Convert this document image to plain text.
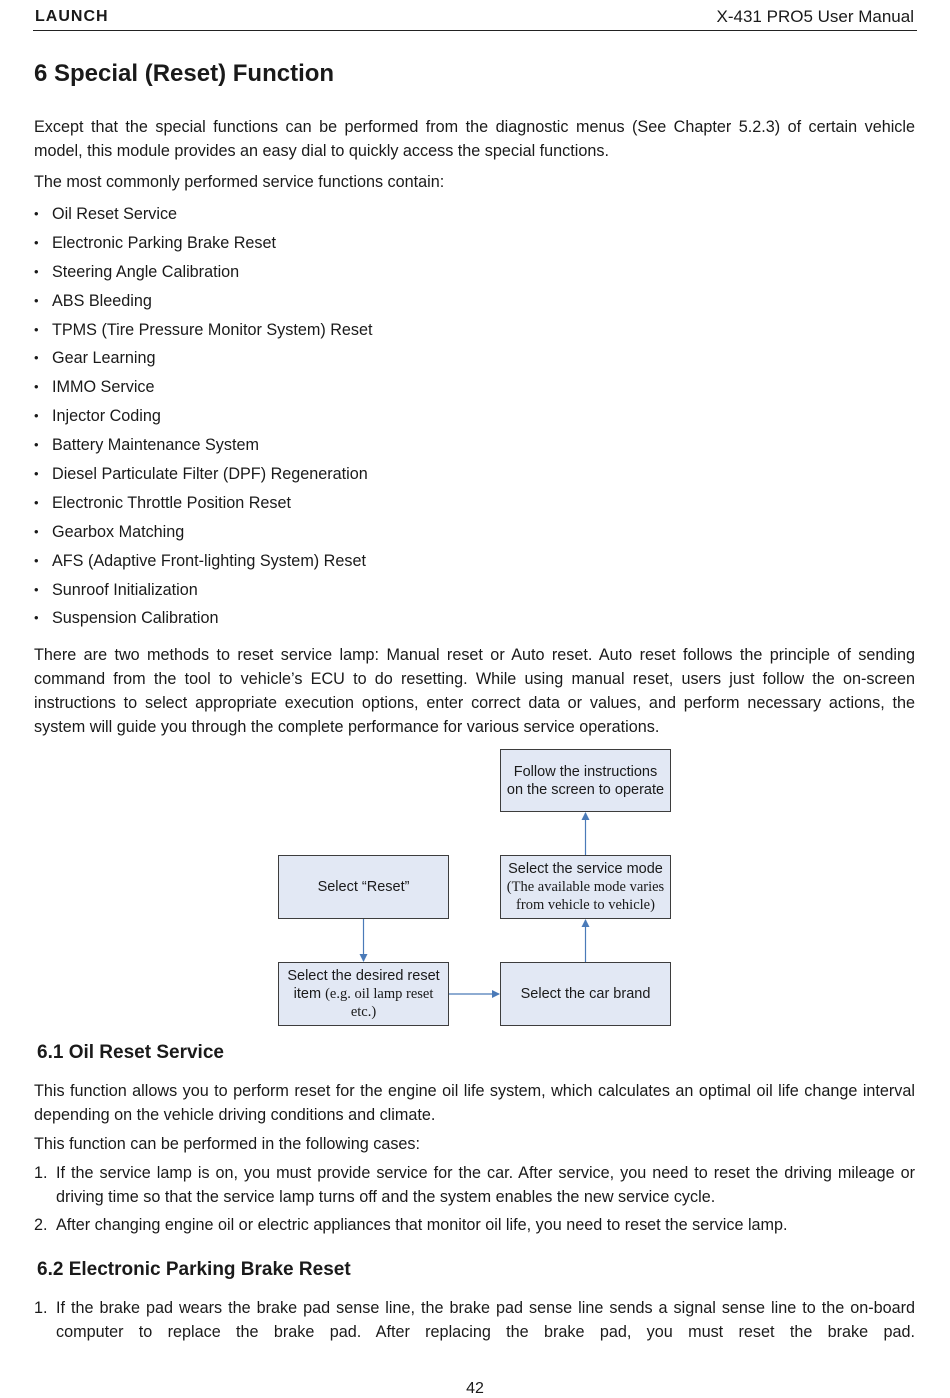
LAUNCH	X-431 PRO5 User Manual
6 Special (Reset) Function

Except that the special functions can be performed from the diagnostic menus (See Chapter 5.2.3) of certain vehicle model, this module provides an easy dial to quickly access the special functions.

The most commonly performed service functions contain:

• Oil Reset Service
• Electronic Parking Brake Reset
• Steering Angle Calibration
• ABS Bleeding
• TPMS (Tire Pressure Monitor System) Reset
• Gear Learning
• IMMO Service
• Injector Coding
• Battery Maintenance System
• Diesel Particulate Filter (DPF) Regeneration
• Electronic Throttle Position Reset
• Gearbox Matching
• AFS (Adaptive Front-lighting System) Reset
• Sunroof Initialization
• Suspension Calibration

There are two methods to reset service lamp: Manual reset or Auto reset. Auto reset follows the principle of sending command from the tool to vehicle’s ECU to do resetting. While using manual reset, users just follow the on-screen instructions to select appropriate execution options, enter correct data or values, and perform necessary actions, the system will guide you through the complete performance for various service operations.

Follow the instructions
on the screen to operate
Select “Reset”
Select the service mode
(The available mode varies
from vehicle to vehicle)
Select the desired reset
item (e.g. oil lamp reset
etc.)
Select the car brand
6.1 Oil Reset Service

This function allows you to perform reset for the engine oil life system, which calculates an optimal oil life change interval depending on the vehicle driving conditions and climate.

This function can be performed in the following cases:

1. If the service lamp is on, you must provide service for the car. After service, you need to reset the driving mileage or driving time so that the service lamp turns off and the system enables the new service cycle.
2. After changing engine oil or electric appliances that monitor oil life, you need to reset the service lamp.
6.2 Electronic Parking Brake Reset
1. If the brake pad wears the brake pad sense line, the brake pad sense line sends a signal sense line to the on-board computer to replace the brake pad. After replacing the brake pad, you must reset the brake pad.
42
